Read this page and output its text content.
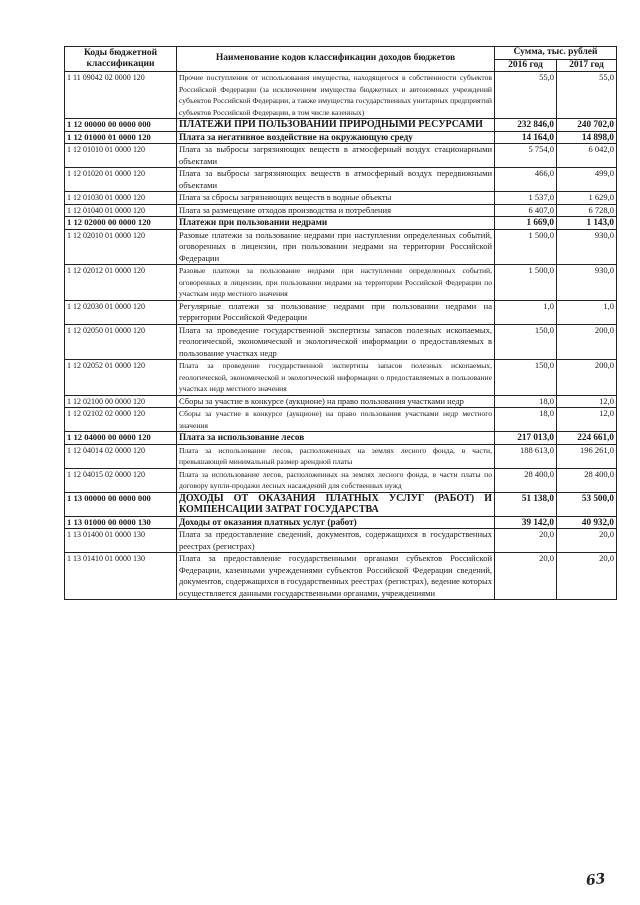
Коды бюджетной классификации	Наименование кодов классификации доходов бюджетов	Сумма, тыс. рублей	
		2016 год	2017 год
1 11 09042 02 0000 120	Прочие поступления от использования имущества, находящегося в собственности субъектов Российской Федерации (за исключением имущества бюджетных и автономных учреждений субъектов Российской Федерации, а также имущества государственных унитарных предприятий субъектов Российской Федерации, в том числе казенных)	55,0	55,0
1 12 00000 00 0000 000	ПЛАТЕЖИ ПРИ ПОЛЬЗОВАНИИ ПРИРОДНЫМИ РЕСУРСАМИ	232 846,0	240 702,0
1 12 01000 01 0000 120	Плата за негативное воздействие на окружающую среду	14 164,0	14 898,0
1 12 01010 01 0000 120	Плата за выбросы загрязняющих веществ в атмосферный воздух стационарными объектами	5 754,0	6 042,0
1 12 01020 01 0000 120	Плата за выбросы загрязняющих веществ в атмосферный воздух передвижными объектами	466,0	499,0
1 12 01030 01 0000 120	Плата за сбросы загрязняющих веществ в водные объекты	1 537,0	1 629,0
1 12 01040 01 0000 120	Плата за размещение отходов производства и потребления	6 407,0	6 728,0
1 12 02000 00 0000 120	Платежи при пользовании недрами	1 669,0	1 143,0
1 12 02010 01 0000 120	Разовые платежи за пользование недрами при наступлении определенных событий, оговоренных в лицензии, при пользовании недрами на территории Российской Федерации	1 500,0	930,0
1 12 02012 01 0000 120	Разовые платежи за пользование недрами при наступлении определенных событий, оговоренных в лицензии, при пользовании недрами на территории Российской Федерации по участкам недр местного значения	1 500,0	930,0
1 12 02030 01 0000 120	Регулярные платежи за пользование недрами при пользовании недрами на территории Российской Федерации	1,0	1,0
1 12 02050 01 0000 120	Плата за проведение государственной экспертизы запасов полезных ископаемых, геологической, экономической и экологической информации о предоставляемых в пользование участках недр	150,0	200,0
1 12 02052 01 0000 120	Плата за проведение государственной экспертизы запасов полезных ископаемых, геологической, экономической и экологической информации о предоставляемых в пользование участках недр местного значения	150,0	200,0
1 12 02100 00 0000 120	Сборы за участие в конкурсе (аукционе) на право пользования участками недр	18,0	12,0
1 12 02102 02 0000 120	Сборы за участие в конкурсе (аукционе) на право пользования участками недр местного значения	18,0	12,0
1 12 04000 00 0000 120	Плата за использование лесов	217 013,0	224 661,0
1 12 04014 02 0000 120	Плата за использование лесов, расположенных на землях лесного фонда, в части, превышающей минимальный размер арендной платы	188 613,0	196 261,0
1 12 04015 02 0000 120	Плата за использование лесов, расположенных на землях лесного фонда, в части платы по договору купли-продажи лесных насаждений для собственных нужд	28 400,0	28 400,0
1 13 00000 00 0000 000	ДОХОДЫ ОТ ОКАЗАНИЯ ПЛАТНЫХ УСЛУГ (РАБОТ) И КОМПЕНСАЦИИ ЗАТРАТ ГОСУДАРСТВА	51 138,0	53 500,0
1 13 01000 00 0000 130	Доходы от оказания платных услуг (работ)	39 142,0	40 932,0
1 13 01400 01 0000 130	Плата за предоставление сведений, документов, содержащихся в государственных реестрах (регистрах)	20,0	20,0
1 13 01410 01 0000 130	Плата за предоставление государственными органами субъектов Российской Федерации, казенными учреждениями субъектов Российской Федерации сведений, документов, содержащихся в государственных реестрах (регистрах), ведение которых осуществляется данными государственными органами, учреждениями	20,0	20,0
63
